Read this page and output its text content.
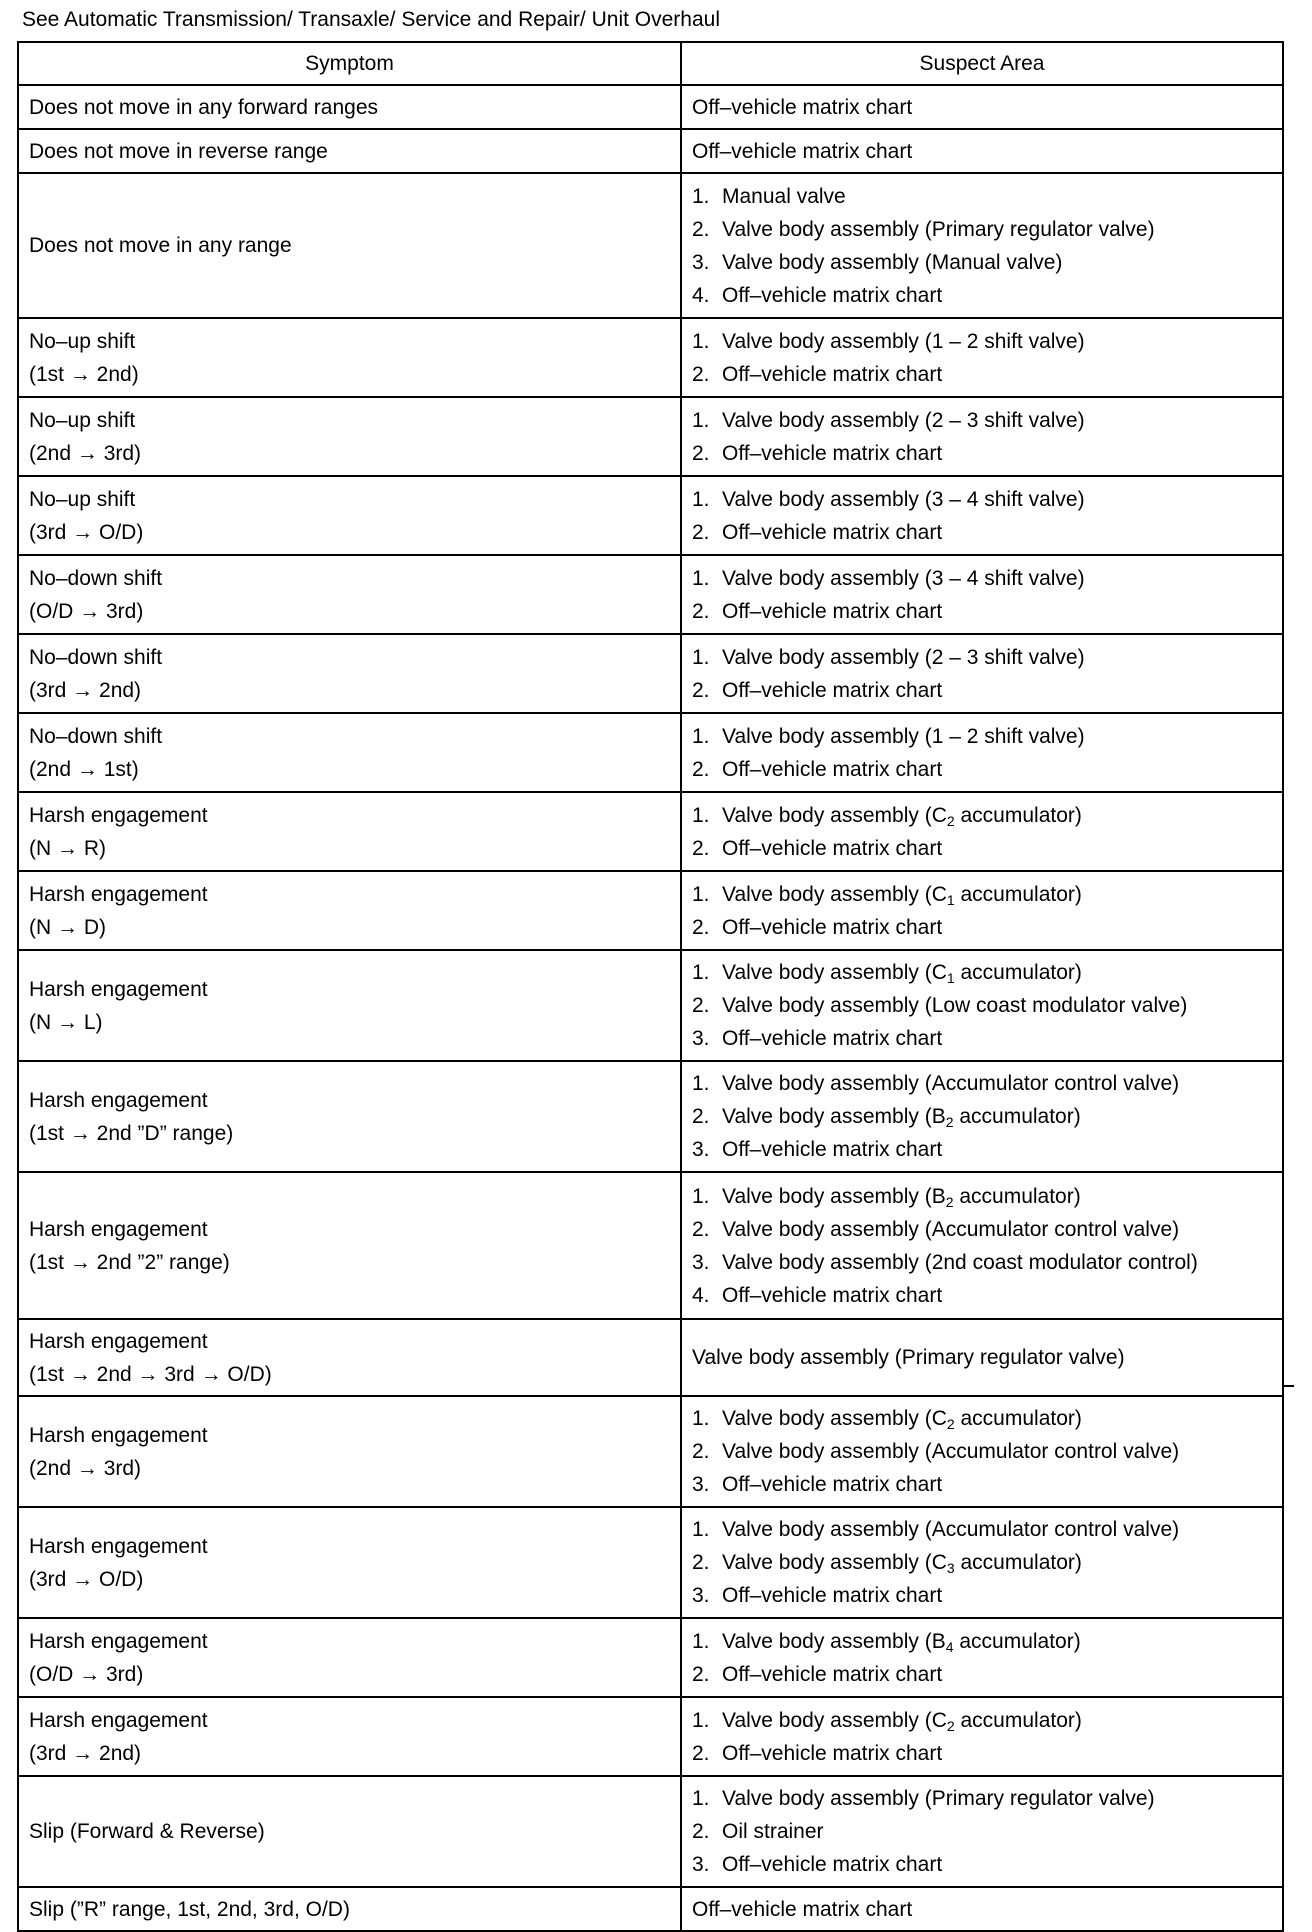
See Automatic Transmission/ Transaxle/ Service and Repair/ Unit Overhaul
Symptom	Suspect Area

Does not move in any forward ranges	Off–vehicle matrix chart

Does not move in reverse range	Off–vehicle matrix chart

Does not move in any range	1. Manual valve
2. Valve body assembly (Primary regulator valve)
3. Valve body assembly (Manual valve)
4. Off–vehicle matrix chart

No–up shift
(1st → 2nd)	1. Valve body assembly (1 – 2 shift valve)
2. Off–vehicle matrix chart

No–up shift
(2nd → 3rd)	1. Valve body assembly (2 – 3 shift valve)
2. Off–vehicle matrix chart

No–up shift
(3rd → O/D)	1. Valve body assembly (3 – 4 shift valve)
2. Off–vehicle matrix chart

No–down shift
(O/D → 3rd)	1. Valve body assembly (3 – 4 shift valve)
2. Off–vehicle matrix chart

No–down shift
(3rd → 2nd)	1. Valve body assembly (2 – 3 shift valve)
2. Off–vehicle matrix chart

No–down shift
(2nd → 1st)	1. Valve body assembly (1 – 2 shift valve)
2. Off–vehicle matrix chart

Harsh engagement
(N → R)	1. Valve body assembly ($C_2$ accumulator)
2. Off–vehicle matrix chart

Harsh engagement
(N → D)	1. Valve body assembly ($C_1$ accumulator)
2. Off–vehicle matrix chart

Harsh engagement
(N → L)	1. Valve body assembly ($C_1$ accumulator)
2. Valve body assembly (Low coast modulator valve)
3. Off–vehicle matrix chart

Harsh engagement
(1st → 2nd ”D” range)	1. Valve body assembly (Accumulator control valve)
2. Valve body assembly ($B_2$ accumulator)
3. Off–vehicle matrix chart

Harsh engagement
(1st → 2nd ”2” range)	1. Valve body assembly ($B_2$ accumulator)
2. Valve body assembly (Accumulator control valve)
3. Valve body assembly (2nd coast modulator control)
4. Off–vehicle matrix chart

Harsh engagement
(1st → 2nd → 3rd → O/D)	Valve body assembly (Primary regulator valve)

Harsh engagement
(2nd → 3rd)	1. Valve body assembly ($C_2$ accumulator)
2. Valve body assembly (Accumulator control valve)
3. Off–vehicle matrix chart

Harsh engagement
(3rd → O/D)	1. Valve body assembly (Accumulator control valve)
2. Valve body assembly ($C_3$ accumulator)
3. Off–vehicle matrix chart

Harsh engagement
(O/D → 3rd)	1. Valve body assembly ($B_4$ accumulator)
2. Off–vehicle matrix chart

Harsh engagement
(3rd → 2nd)	1. Valve body assembly ($C_2$ accumulator)
2. Off–vehicle matrix chart

Slip (Forward & Reverse)	1. Valve body assembly (Primary regulator valve)
2. Oil strainer
3. Off–vehicle matrix chart

Slip (”R” range, 1st, 2nd, 3rd, O/D)	Off–vehicle matrix chart
